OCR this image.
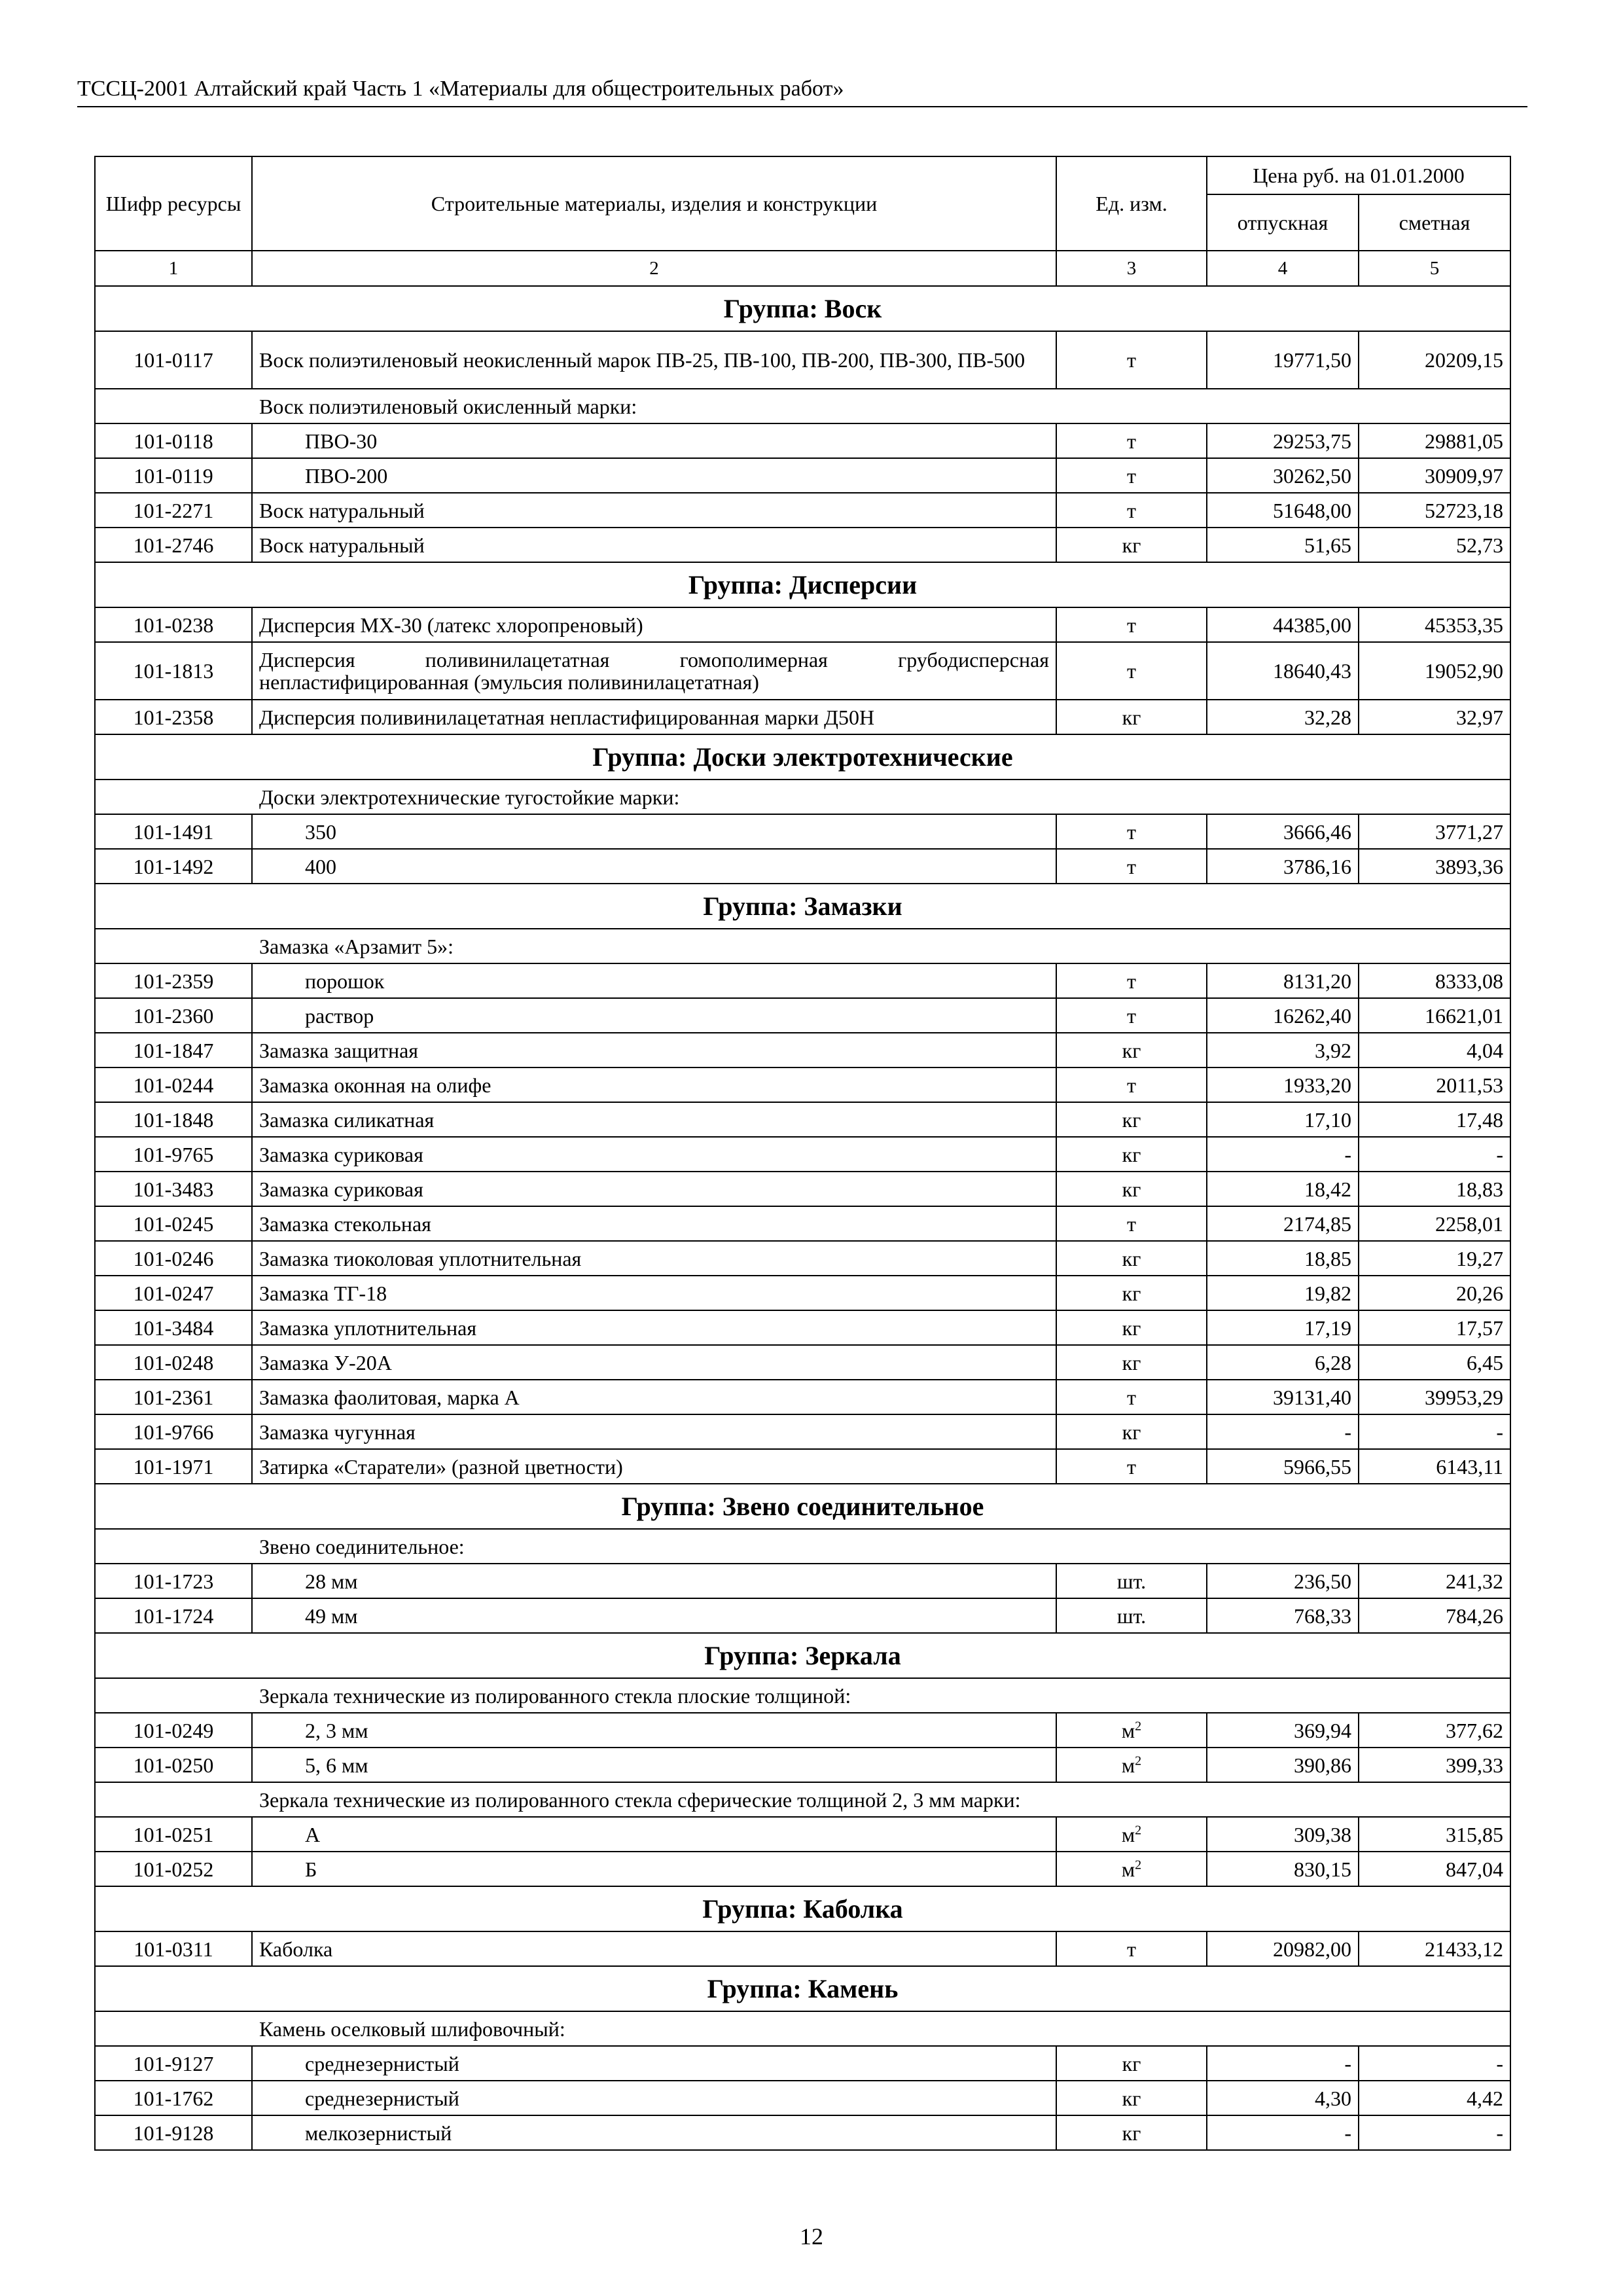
ТССЦ-2001 Алтайский край Часть 1 «Материалы для общестроительных работ»
Шифр ресурсы	Строительные материалы, изделия и конструкции	Ед. изм.	Цена руб. на 01.01.2000	
			отпускная	сметная
1	2	3	4	5
Группа: Воск				
101-0117	Воск полиэтиленовый неокисленный марок ПВ-25, ПВ-100, ПВ-200, ПВ-300, ПВ-500	т	19771,50	20209,15
Воск полиэтиленовый окисленный марки:				
101-0118	ПВО-30	т	29253,75	29881,05
101-0119	ПВО-200	т	30262,50	30909,97
101-2271	Воск натуральный	т	51648,00	52723,18
101-2746	Воск натуральный	кг	51,65	52,73
Группа: Дисперсии				
101-0238	Дисперсия МХ-30 (латекс хлоропреновый)	т	44385,00	45353,35
101-1813	Дисперсия поливинилацетатная гомополимерная грубодисперсная непластифицированная (эмульсия поливинилацетатная)	т	18640,43	19052,90
101-2358	Дисперсия поливинилацетатная непластифицированная марки Д50Н	кг	32,28	32,97
Группа: Доски электротехнические				
Доски электротехнические тугостойкие марки:				
101-1491	350	т	3666,46	3771,27
101-1492	400	т	3786,16	3893,36
Группа: Замазки				
Замазка «Арзамит 5»:				
101-2359	порошок	т	8131,20	8333,08
101-2360	раствор	т	16262,40	16621,01
101-1847	Замазка защитная	кг	3,92	4,04
101-0244	Замазка оконная на олифе	т	1933,20	2011,53
101-1848	Замазка силикатная	кг	17,10	17,48
101-9765	Замазка суриковая	кг	-	-
101-3483	Замазка суриковая	кг	18,42	18,83
101-0245	Замазка стекольная	т	2174,85	2258,01
101-0246	Замазка тиоколовая уплотнительная	кг	18,85	19,27
101-0247	Замазка ТГ-18	кг	19,82	20,26
101-3484	Замазка уплотнительная	кг	17,19	17,57
101-0248	Замазка У-20А	кг	6,28	6,45
101-2361	Замазка фаолитовая, марка А	т	39131,40	39953,29
101-9766	Замазка чугунная	кг	-	-
101-1971	Затирка «Старатели» (разной цветности)	т	5966,55	6143,11
Группа: Звено соединительное				
Звено соединительное:				
101-1723	28 мм	шт.	236,50	241,32
101-1724	49 мм	шт.	768,33	784,26
Группа: Зеркала				
Зеркала технические из полированного стекла плоские толщиной:				
101-0249	2, 3 мм	$м^2$	369,94	377,62
101-0250	5, 6 мм	$м^2$	390,86	399,33
Зеркала технические из полированного стекла сферические толщиной 2, 3 мм марки:				
101-0251	А	$м^2$	309,38	315,85
101-0252	Б	$м^2$	830,15	847,04
Группа: Каболка				
101-0311	Каболка	т	20982,00	21433,12
Группа: Камень				
Камень оселковый шлифовочный:				
101-9127	среднезернистый	кг	-	-
101-1762	среднезернистый	кг	4,30	4,42
101-9128	мелкозернистый	кг	-	-
12
